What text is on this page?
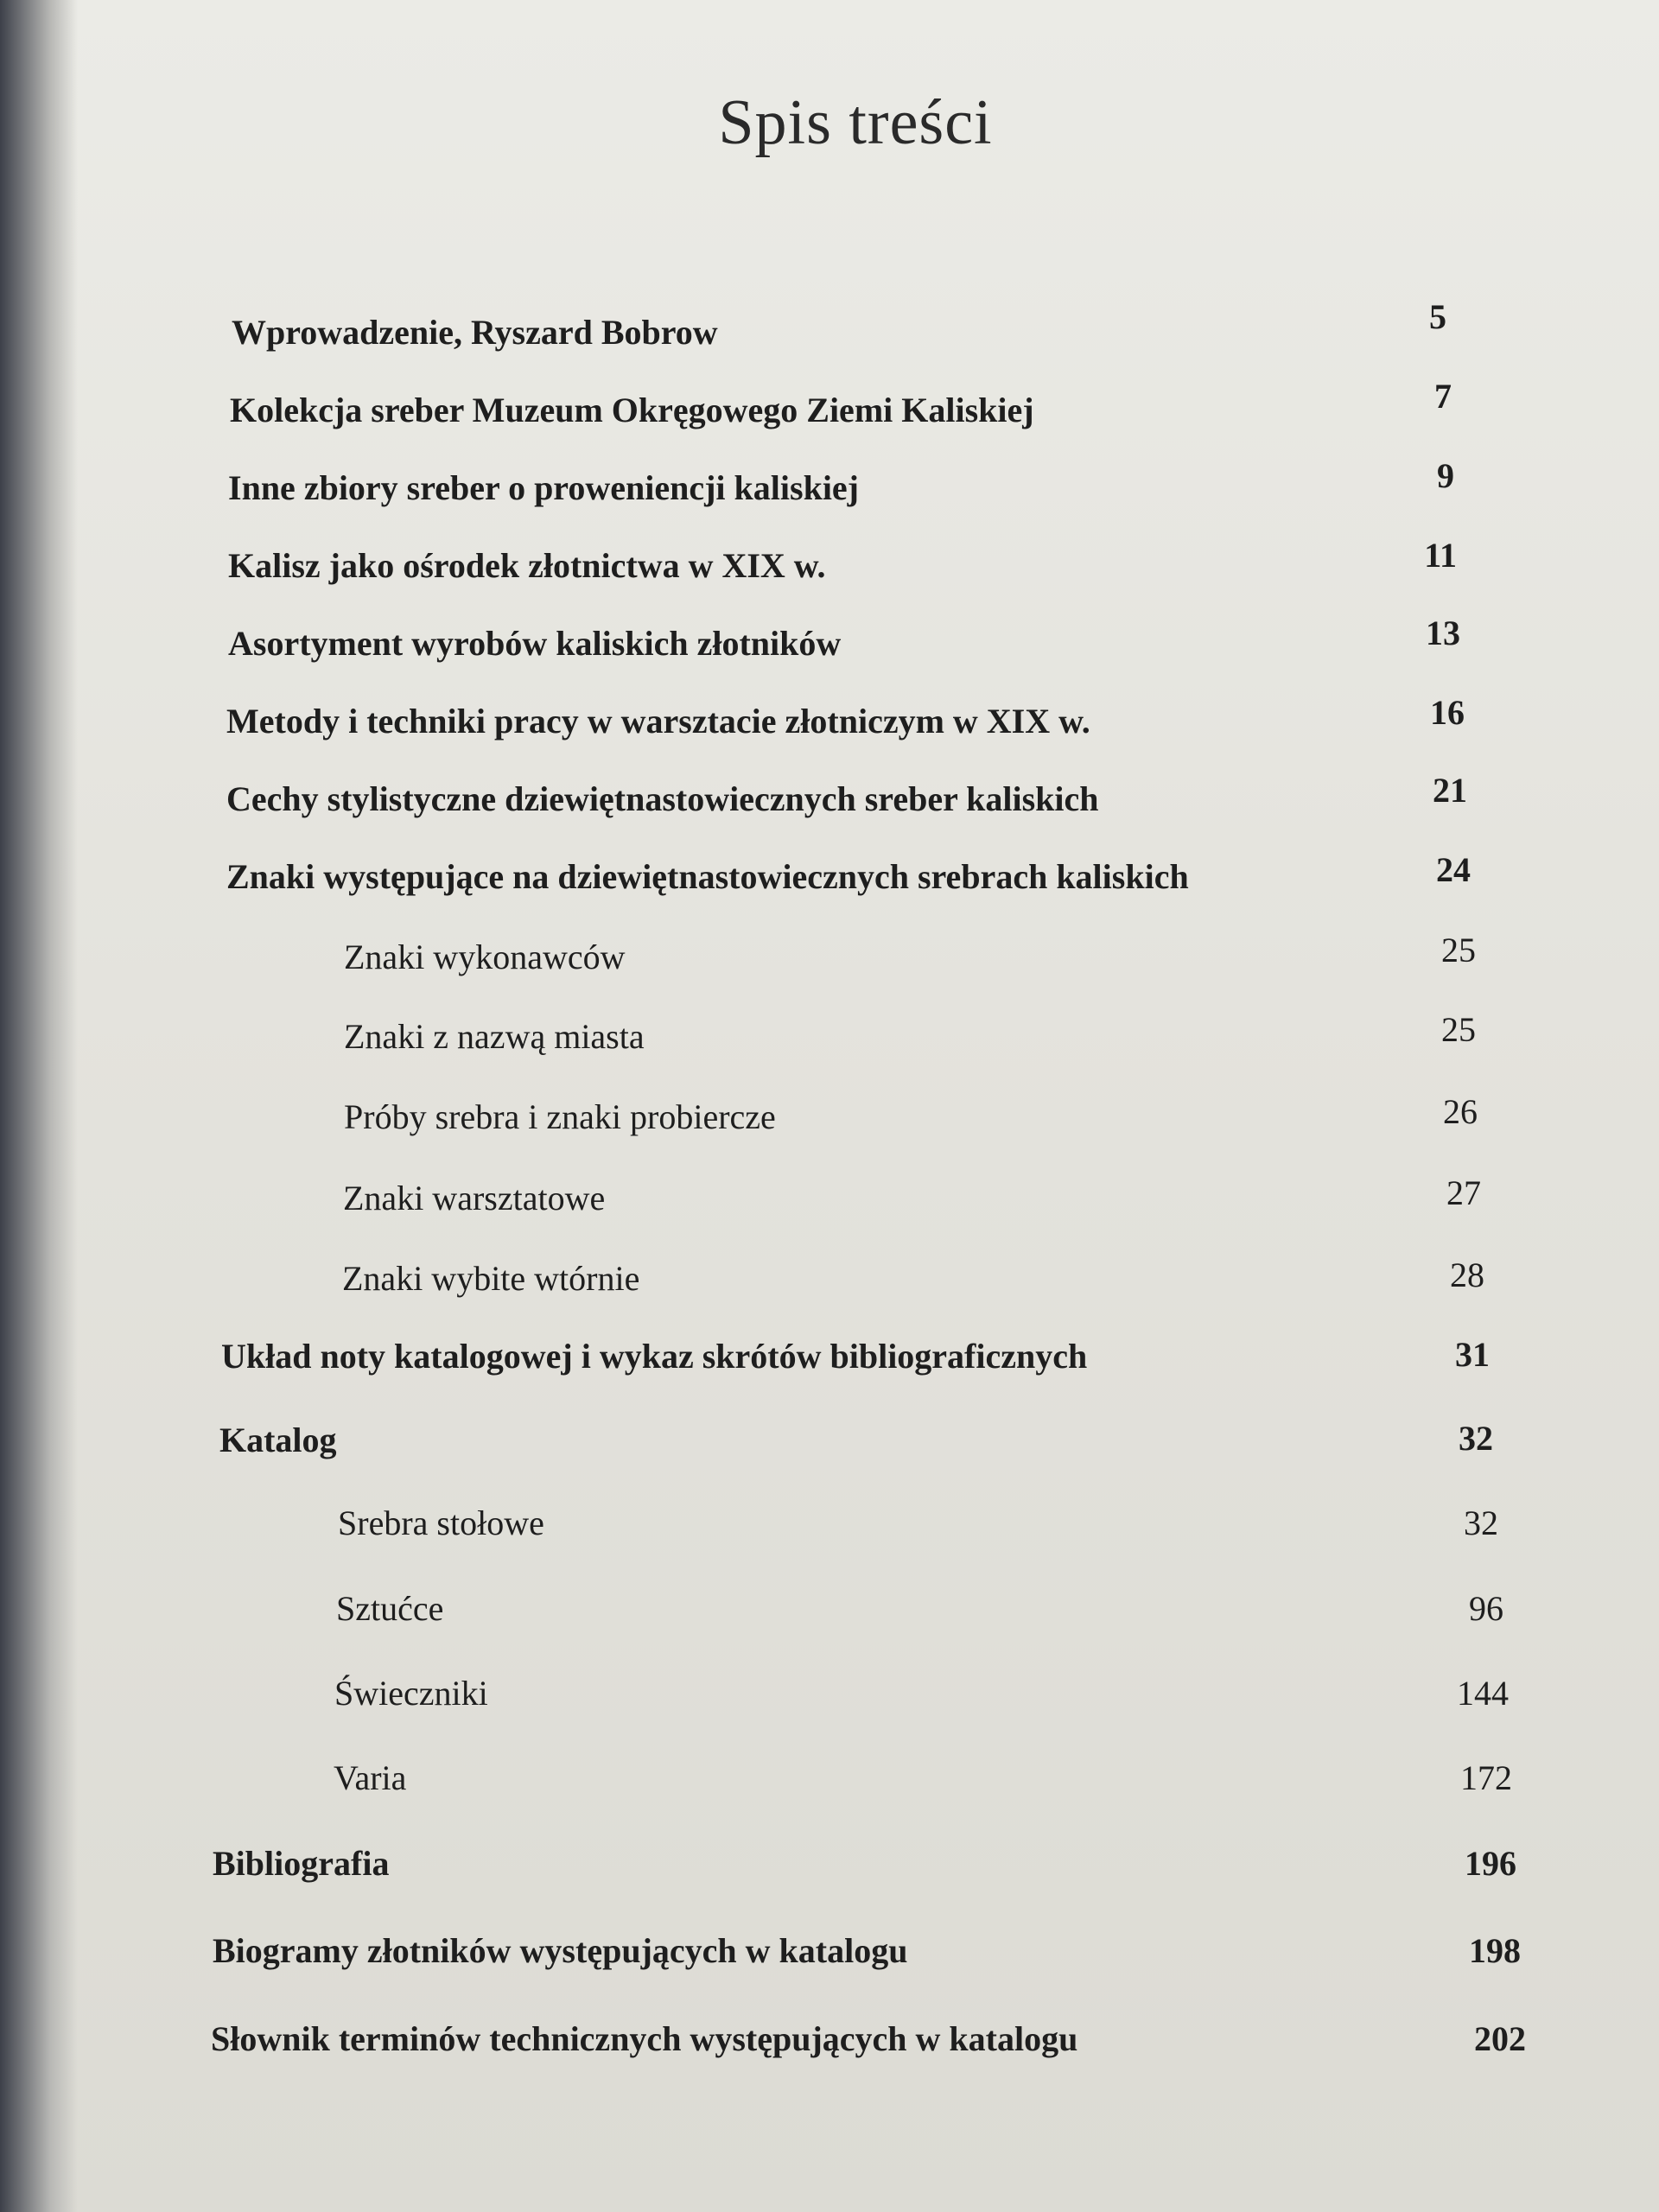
Spis treści
Wprowadzenie, Ryszard Bobrow	5
Kolekcja sreber Muzeum Okręgowego Ziemi Kaliskiej	7
Inne zbiory sreber o proweniencji kaliskiej	9
Kalisz jako ośrodek złotnictwa w XIX w.	11
Asortyment wyrobów kaliskich złotników	13
Metody i techniki pracy w warsztacie złotniczym w XIX w.	16
Cechy stylistyczne dziewiętnastowiecznych sreber kaliskich	21
Znaki występujące na dziewiętnastowiecznych srebrach kaliskich	24
Znaki wykonawców	25
Znaki z nazwą miasta	25
Próby srebra i znaki probiercze	26
Znaki warsztatowe	27
Znaki wybite wtórnie	28
Układ noty katalogowej i wykaz skrótów bibliograficznych	31
Katalog	32
Srebra stołowe	32
Sztućce	96
Świeczniki	144
Varia	172
Bibliografia	196
Biogramy złotników występujących w katalogu	198
Słownik terminów technicznych występujących w katalogu	202
